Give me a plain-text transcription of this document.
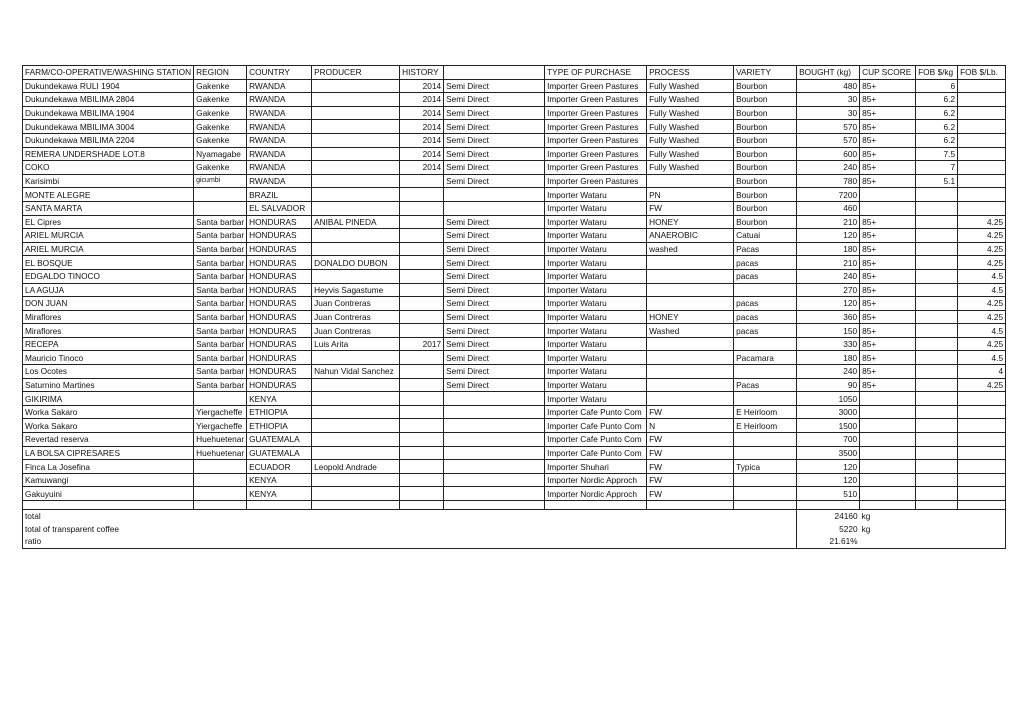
FARM/CO-OPERATIVE/WASHING STATION	REGION	COUNTRY	PRODUCER	HISTORY		TYPE OF PURCHASE	PROCESS	VARIETY	BOUGHT (kg)	CUP SCORE	FOB $/kg	FOB $/Lb.
Dukundekawa RULI 1904	Gakenke	RWANDA		2014	Semi Direct	Importer Green Pastures	Fully Washed	Bourbon	480	85+	6	
Dukundekawa MBILIMA 2804	Gakenke	RWANDA		2014	Semi Direct	Importer Green Pastures	Fully Washed	Bourbon	30	85+	6.2	
Dukundekawa MBILIMA 1904	Gakenke	RWANDA		2014	Semi Direct	Importer Green Pastures	Fully Washed	Bourbon	30	85+	6.2	
Dukundekawa MBILIMA 3004	Gakenke	RWANDA		2014	Semi Direct	Importer Green Pastures	Fully Washed	Bourbon	570	85+	6.2	
Dukundekawa MBILIMA 2204	Gakenke	RWANDA		2014	Semi Direct	Importer Green Pastures	Fully Washed	Bourbon	570	85+	6.2	
REMERA UNDERSHADE LOT.8	Nyamagabe	RWANDA		2014	Semi Direct	Importer Green Pastures	Fully Washed	Bourbon	600	85+	7.5	
COKO	Gakenke	RWANDA		2014	Semi Direct	Importer Green Pastures	Fully Washed	Bourbon	240	85+	7	
Karisimbi	gicumbi	RWANDA			Semi Direct	Importer Green Pastures		Bourbon	780	85+	5.1	
MONTE ALEGRE		BRAZIL				Importer Wataru	PN	Bourbon	7200			
SANTA MARTA		EL SALVADOR				Importer Wataru	FW	Bourbon	460			
EL Cipres	Santa barbar	HONDURAS	ANIBAL PINEDA		Semi Direct	Importer Wataru	HONEY	Bourbon	210	85+		4.25
ARIEL MURCIA	Santa barbar	HONDURAS			Semi Direct	Importer Wataru	ANAEROBIC	Catuai	120	85+		4.25
ARIEL MURCIA	Santa barbar	HONDURAS			Semi Direct	Importer Wataru	washed	Pacas	180	85+		4.25
EL BOSQUE	Santa barbar	HONDURAS	DONALDO DUBON		Semi Direct	Importer Wataru		pacas	210	85+		4.25
EDGALDO TINOCO	Santa barbar	HONDURAS			Semi Direct	Importer Wataru		pacas	240	85+		4.5
LA AGUJA	Santa barbar	HONDURAS	Heyvis Sagastume		Semi Direct	Importer Wataru			270	85+		4.5
DON JUAN	Santa barbar	HONDURAS	Juan Contreras		Semi Direct	Importer Wataru		pacas	120	85+		4.25
Miraflores	Santa barbar	HONDURAS	Juan Contreras		Semi Direct	Importer Wataru	HONEY	pacas	360	85+		4.25
Miraflores	Santa barbar	HONDURAS	Juan Contreras		Semi Direct	Importer Wataru	Washed	pacas	150	85+		4.5
RECEPA	Santa barbar	HONDURAS	Luis Arita	2017	Semi Direct	Importer Wataru			330	85+		4.25
Mauricio Tinoco	Santa barbar	HONDURAS			Semi Direct	Importer Wataru		Pacamara	180	85+		4.5
Los Ocotes	Santa barbar	HONDURAS	Nahun Vidal Sanchez		Semi Direct	Importer Wataru			240	85+		4
Saturnino Martines	Santa barbar	HONDURAS			Semi Direct	Importer Wataru		Pacas	90	85+		4.25
GIKIRIMA		KENYA				Importer Wataru			1050			
Worka Sakaro	Yiergacheffe	ETHIOPIA				Importer Cafe Punto Com	FW	E Heirloom	3000			
Worka Sakaro	Yiergacheffe	ETHIOPIA				Importer Cafe Punto Com	N	E Heirloom	1500			
Revertad reserva	Huehuetenar	GUATEMALA				Importer Cafe Punto Com	FW		700			
LA BOLSA CIPRESARES	Huehuetenar	GUATEMALA				Importer Cafe Punto Com	FW		3500			
Finca La Josefina		ECUADOR	Leopold Andrade			Importer Shuhari	FW	Typica	120			
Kamuwangi		KENYA				Importer Nordic Approch	FW		120			
Gakuyuini		KENYA				Importer Nordic Approch	FW		510			

total									24160	kg		
total of transparent coffee									5220	kg		
ratio									21.61%			
